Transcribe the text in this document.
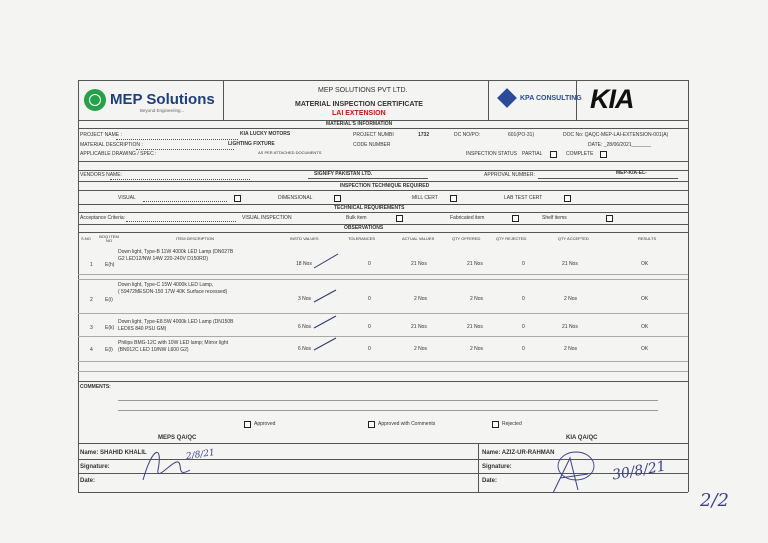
MEP Solutions
Beyond Engineering...
MEP SOLUTIONS PVT LTD.
MATERIAL INSPECTION CERTIFICATE
LAI EXTENSION
KPA CONSULTING KIA
MATERIAL'S INFORMATION
PROJECT NAME :	KIA LUCKY MOTORS
MATERIAL DESCRIPTION :	LIGHTING FIXTURE
APPLICABLE DRAWING / SPEC :	AS PER ATTACHED DOCUMENTS
PROJECT NUMBI	1732
CODE NUMBER
DC NO/PO:	601(PO-31)
INSPECTION STATUS PARTIAL	COMPLETE
DOC No: QAQC-MEP-LAI-EXTENSION-001(A)
DATE: _28/06/2021_______
VENDORS NAME:	SIGNIFY PAKISTAN LTD.	APPROVAL NUMBER:	MEP-KIA-EL-
INSPECTION TECHNIQUE REQUIRED
VISUAL	DIMENSIONAL	MILL CERT	LAB TEST CERT
TECHNICAL REQUIREMENTS
Acceptance Criteria:	VISUAL INSPECTION	Bulk item	Fabricated item	Shelf items
OBSERVATIONS
S.NO	BOQ ITEM NO	ITEM DESCRIPTION	INSTD VALUES	TOLERANCES	ACTUAL VALUES	QTY OFFERED	QTY REJECTED	QTY ACCEPTED	RESULTS
1 E(h)
Down light, Type-B 11W 4000k LED Lamp (DN027B
G2 LED12/NW 14W 220-240V D150RD)
18 Nos	0	21 Nos	21 Nos	0	21 Nos	OK
2 E(i)
Down light, Type-C 15W 4000k LED Lamp,
( 59472MESON-150 17W 40K Surface recessed)
3 Nos	0	2 Nos	2 Nos	0	2 Nos	OK
3 E(k)
Down light, Type-E8.5W 4000k LED Lamp (DN150B
LEDIIS 840 PSU GM)	6 Nos	0	21 Nos	21 Nos	0	21 Nos	OK
4 E(l)
Philips BMG-12C with 10W LED lamp; Mirror light
(BN012C LED 10/NW L600 G2)	6 Nos	0	2 Nos	2 Nos	0	2 Nos	OK
COMMENTS:
Approved	Approved with Comments	Rejected
MEPS QA/QC	KIA QA/QC
Name: SHAHID KHALIL
Signature:
Date:
Name: AZIZ-UR-RAHMAN
Signature:
Date:
2/8/21
30/8/21
2/2
